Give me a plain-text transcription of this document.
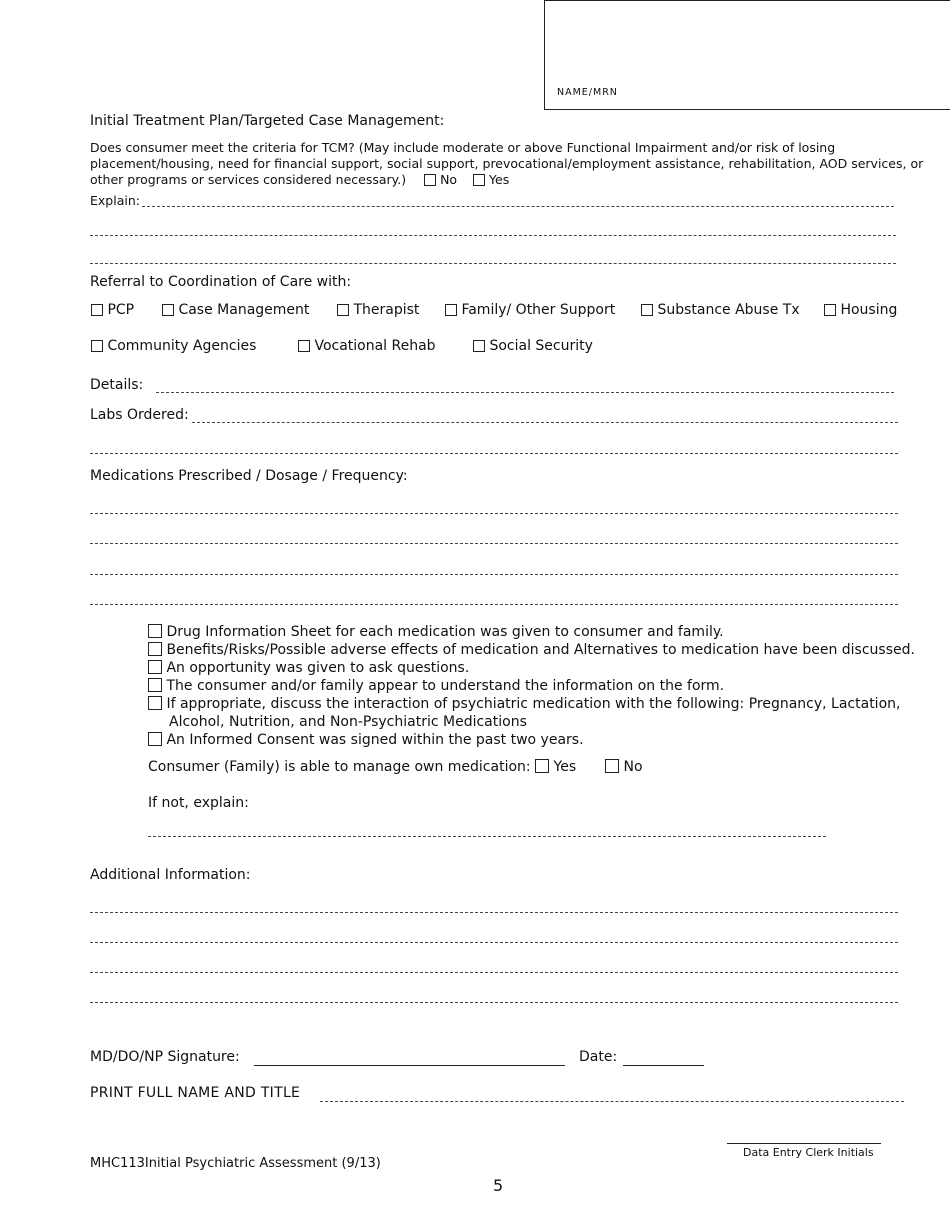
NAME/MRN
Initial Treatment Plan/Targeted Case Management:
Does consumer meet the criteria for TCM? (May include moderate or above Functional Impairment and/or risk of losing
placement/housing, need for financial support, social support, prevocational/employment assistance, rehabilitation, AOD services, or
other programs or services considered necessary.)	No	Yes
Explain:
Referral to Coordination of Care with:
PCP	Case Management	Therapist	Family/ Other Support	Substance Abuse Tx	Housing
Community Agencies	Vocational Rehab	Social Security
Details:
Labs Ordered:
Medications Prescribed / Dosage / Frequency:
Drug Information Sheet for each medication was given to consumer and family.
Benefits/Risks/Possible adverse effects of medication and Alternatives to medication have been discussed.
An opportunity was given to ask questions.
The consumer and/or family appear to understand the information on the form.
If appropriate, discuss the interaction of psychiatric medication with the following: Pregnancy, Lactation,
Alcohol, Nutrition, and Non-Psychiatric Medications
An Informed Consent was signed within the past two years.
Consumer (Family) is able to manage own medication: Yes	No
If not, explain:
Additional Information:
MD/DO/NP Signature:	Date:
PRINT FULL NAME AND TITLE
Data Entry Clerk Initials
MHC113Initial Psychiatric Assessment (9/13)
5
